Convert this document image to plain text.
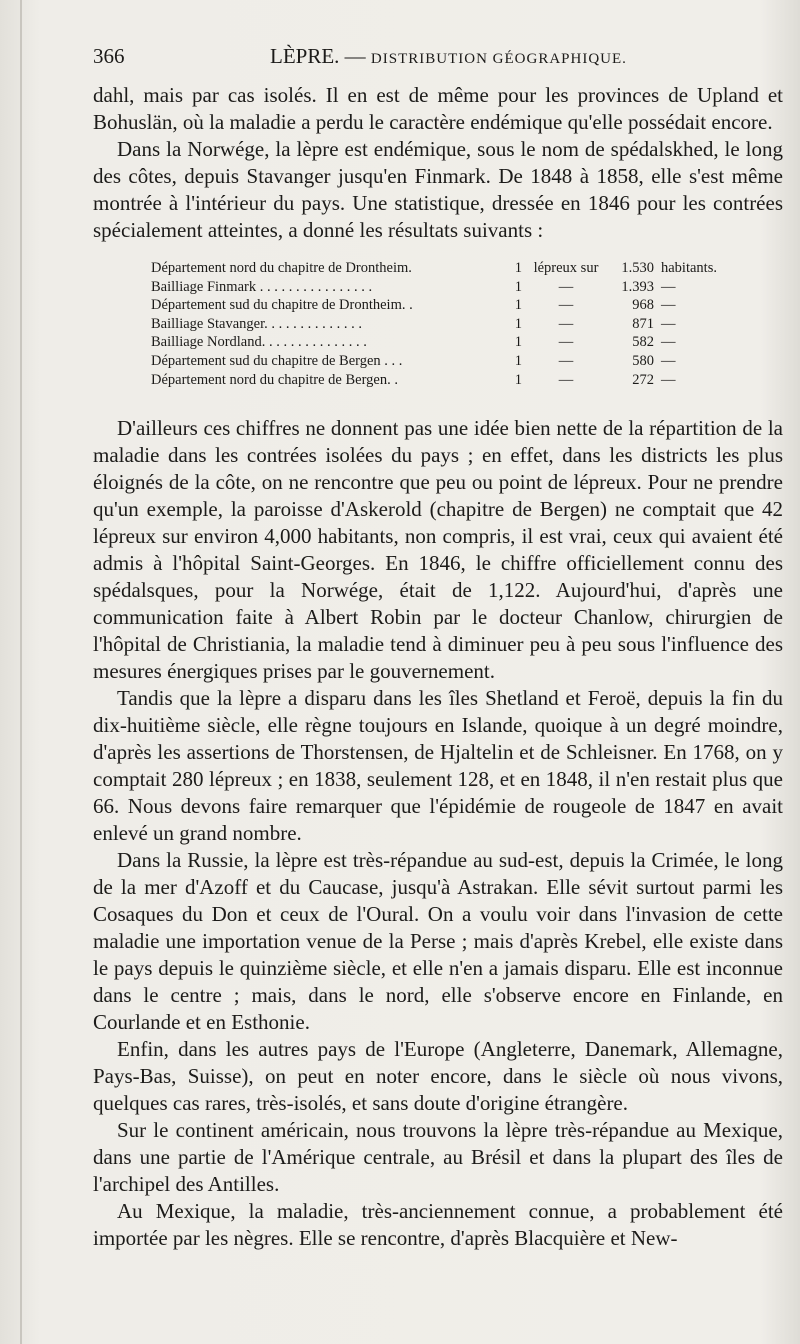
366	LÈPRE. — DISTRIBUTION GÉOGRAPHIQUE.

dahl, mais par cas isolés. Il en est de même pour les provinces de Upland et Bohuslän, où la maladie a perdu le caractère endémique qu'elle possédait encore.

Dans la Norwége, la lèpre est endémique, sous le nom de spédalskhed, le long des côtes, depuis Stavanger jusqu'en Finmark. De 1848 à 1858, elle s'est même montrée à l'intérieur du pays. Une statistique, dressée en 1846 pour les contrées spécialement atteintes, a donné les résultats suivants :

Département nord du chapitre de Drontheim.	1 lépreux sur	1.530 habitants.
Bailliage Finmark . . . . . . . . . . . . . . . .	1	—	1.393 —
Département sud du chapitre de Drontheim. .	1	—	968 —
Bailliage Stavanger. . . . . . . . . . . . . .	1	—	871 —
Bailliage Nordland. . . . . . . . . . . . . . .	1	—	582 —
Département sud du chapitre de Bergen . . .	1	—	580 —
Département nord du chapitre de Bergen. .	1	—	272 —

D'ailleurs ces chiffres ne donnent pas une idée bien nette de la répartition de la maladie dans les contrées isolées du pays ; en effet, dans les districts les plus éloignés de la côte, on ne rencontre que peu ou point de lépreux. Pour ne prendre qu'un exemple, la paroisse d'Askerold (chapitre de Bergen) ne comptait que 42 lépreux sur environ 4,000 habitants, non compris, il est vrai, ceux qui avaient été admis à l'hôpital Saint-Georges. En 1846, le chiffre officiellement connu des spédalsques, pour la Norwége, était de 1,122. Aujourd'hui, d'après une communication faite à Albert Robin par le docteur Chanlow, chirurgien de l'hôpital de Christiania, la maladie tend à diminuer peu à peu sous l'influence des mesures énergiques prises par le gouvernement.

Tandis que la lèpre a disparu dans les îles Shetland et Feroë, depuis la fin du dix-huitième siècle, elle règne toujours en Islande, quoique à un degré moindre, d'après les assertions de Thorstensen, de Hjaltelin et de Schleisner. En 1768, on y comptait 280 lépreux ; en 1838, seulement 128, et en 1848, il n'en restait plus que 66. Nous devons faire remarquer que l'épidémie de rougeole de 1847 en avait enlevé un grand nombre.

Dans la Russie, la lèpre est très-répandue au sud-est, depuis la Crimée, le long de la mer d'Azoff et du Caucase, jusqu'à Astrakan. Elle sévit surtout parmi les Cosaques du Don et ceux de l'Oural. On a voulu voir dans l'invasion de cette maladie une importation venue de la Perse ; mais d'après Krebel, elle existe dans le pays depuis le quinzième siècle, et elle n'en a jamais disparu. Elle est inconnue dans le centre ; mais, dans le nord, elle s'observe encore en Finlande, en Courlande et en Esthonie.

Enfin, dans les autres pays de l'Europe (Angleterre, Danemark, Allemagne, Pays-Bas, Suisse), on peut en noter encore, dans le siècle où nous vivons, quelques cas rares, très-isolés, et sans doute d'origine étrangère.

Sur le continent américain, nous trouvons la lèpre très-répandue au Mexique, dans une partie de l'Amérique centrale, au Brésil et dans la plupart des îles de l'archipel des Antilles.

Au Mexique, la maladie, très-anciennement connue, a probablement été importée par les nègres. Elle se rencontre, d'après Blacquière et New-
